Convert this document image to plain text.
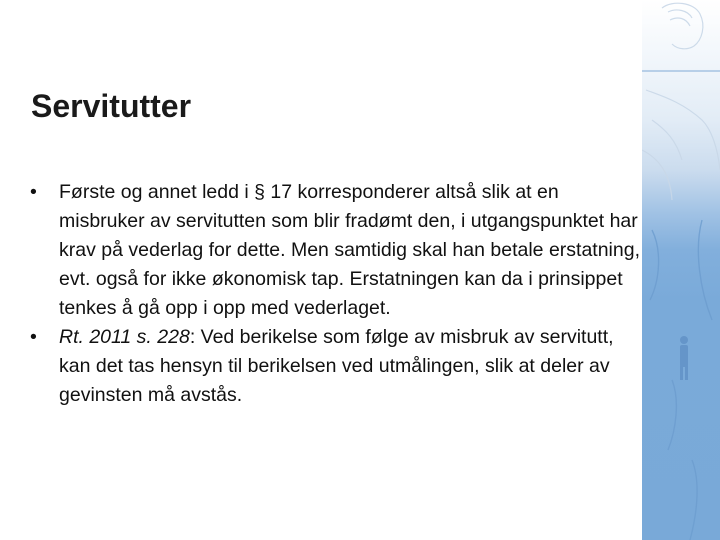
Servitutter
•	Første og annet ledd i § 17 korresponderer altså slik at en misbruker av servitutten som blir fradømt den, i utgangspunktet har krav på vederlag for dette. Men samtidig skal han betale erstatning, evt. også for ikke økonomisk tap. Erstatningen kan da i prinsippet tenkes å gå opp i opp med vederlaget.
•	Rt. 2011 s. 228: Ved berikelse som følge av misbruk av servitutt, kan det tas hensyn til berikelsen ved utmålingen, slik at deler av gevinsten må avstås.
